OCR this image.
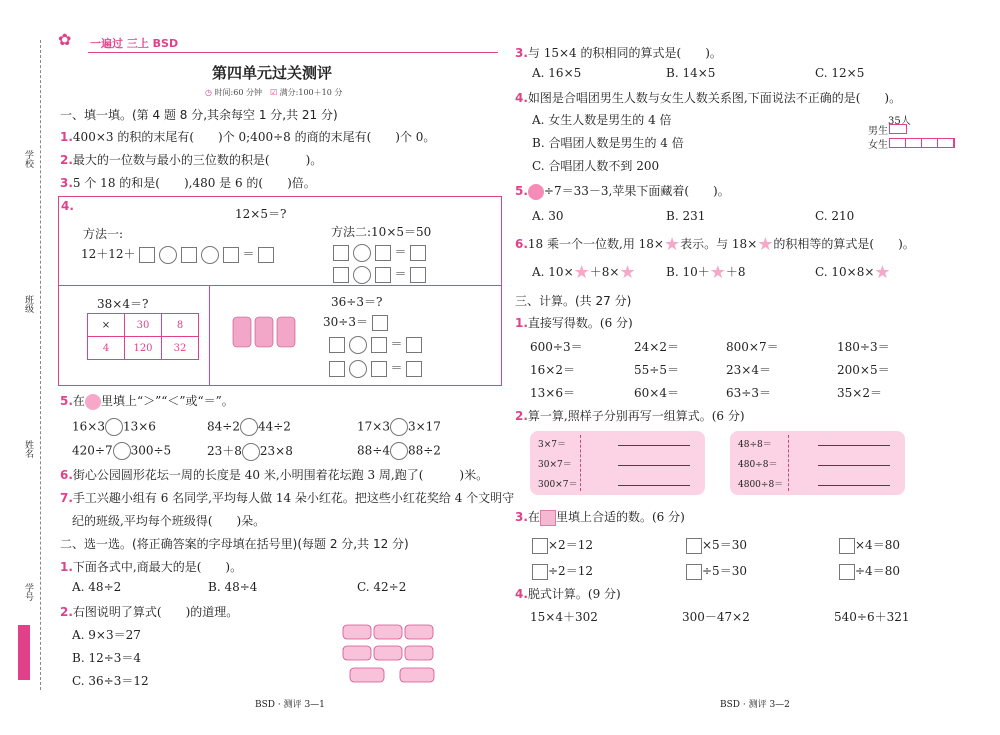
学校
班级
姓名
学号
✿ 一遍过 三上 BSD
第四单元过关测评
◷ 时间:60 分钟　 ☑ 满分:100＋10 分
一、填一填。(第 4 题 8 分,其余每空 1 分,共 21 分)
1.400×3 的积的末尾有(　　)个 0;400÷8 的商的末尾有(　　)个 0。
2.最大的一位数与最小的三位数的积是(　　　)。
3.5 个 18 的和是(　　),480 是 6 的(　　)倍。
4.
12×5＝?
方法一:
12＋12＋	＝
方法二:10×5＝50
＝
＝
38×4＝?
×	30	8
4	120	32
36÷3＝?
30÷3＝
＝
＝
5.在 里填上“＞”“＜”或“＝”。
16×3 13×6	84÷2 44÷2	17×3 3×17
420÷7 300÷5	23＋8 23×8	88÷4 88÷2
6.街心公园圆形花坛一周的长度是 40 米,小明围着花坛跑 3 周,跑了(　　　)米。
7.手工兴趣小组有 6 名同学,平均每人做 14 朵小红花。把这些小红花奖给 4 个文明守
纪的班级,平均每个班级得(　　)朵。
二、选一选。(将正确答案的字母填在括号里)(每题 2 分,共 12 分)
1.下面各式中,商最大的是(　　)。
A. 48÷2	B. 48÷4	C. 42÷2
2.右图说明了算式(　　)的道理。
A. 9×3＝27
B. 12÷3＝4
C. 36÷3＝12
3.与 15×4 的积相同的算式是(　　)。
A. 16×5	B. 14×5	C. 12×5
4.如图是合唱团男生人数与女生人数关系图,下面说法不正确的是(　　)。
A. 女生人数是男生的 4 倍
B. 合唱团人数是男生的 4 倍
C. 合唱团人数不到 200
35人
男生
女生
5. ÷7＝33－3,苹果下面藏着(　　)。
A. 30	B. 231	C. 210
6.18 乘一个一位数,用 18×★表示。与 18×★的积相等的算式是(　　)。
A. 10×★＋8×★	B. 10＋★＋8	C. 10×8×★
三、计算。(共 27 分)
1.直接写得数。(6 分)
600÷3＝	24×2＝	800×7＝	180÷3＝
16×2＝	55÷5＝	23×4＝	200×5＝
13×6＝	60×4＝	63÷3＝	35×2＝
2.算一算,照样子分别再写一组算式。(6 分)
3×7＝
30×7＝
300×7＝
48÷8＝
480÷8＝
4800÷8＝
3.在 里填上合适的数。(6 分)
×2＝12	×5＝30	×4＝80
÷2＝12	÷5＝30	÷4＝80
4.脱式计算。(9 分)
15×4＋302	300－47×2	540÷6＋321
BSD · 测评 3—1	BSD · 测评 3—2
